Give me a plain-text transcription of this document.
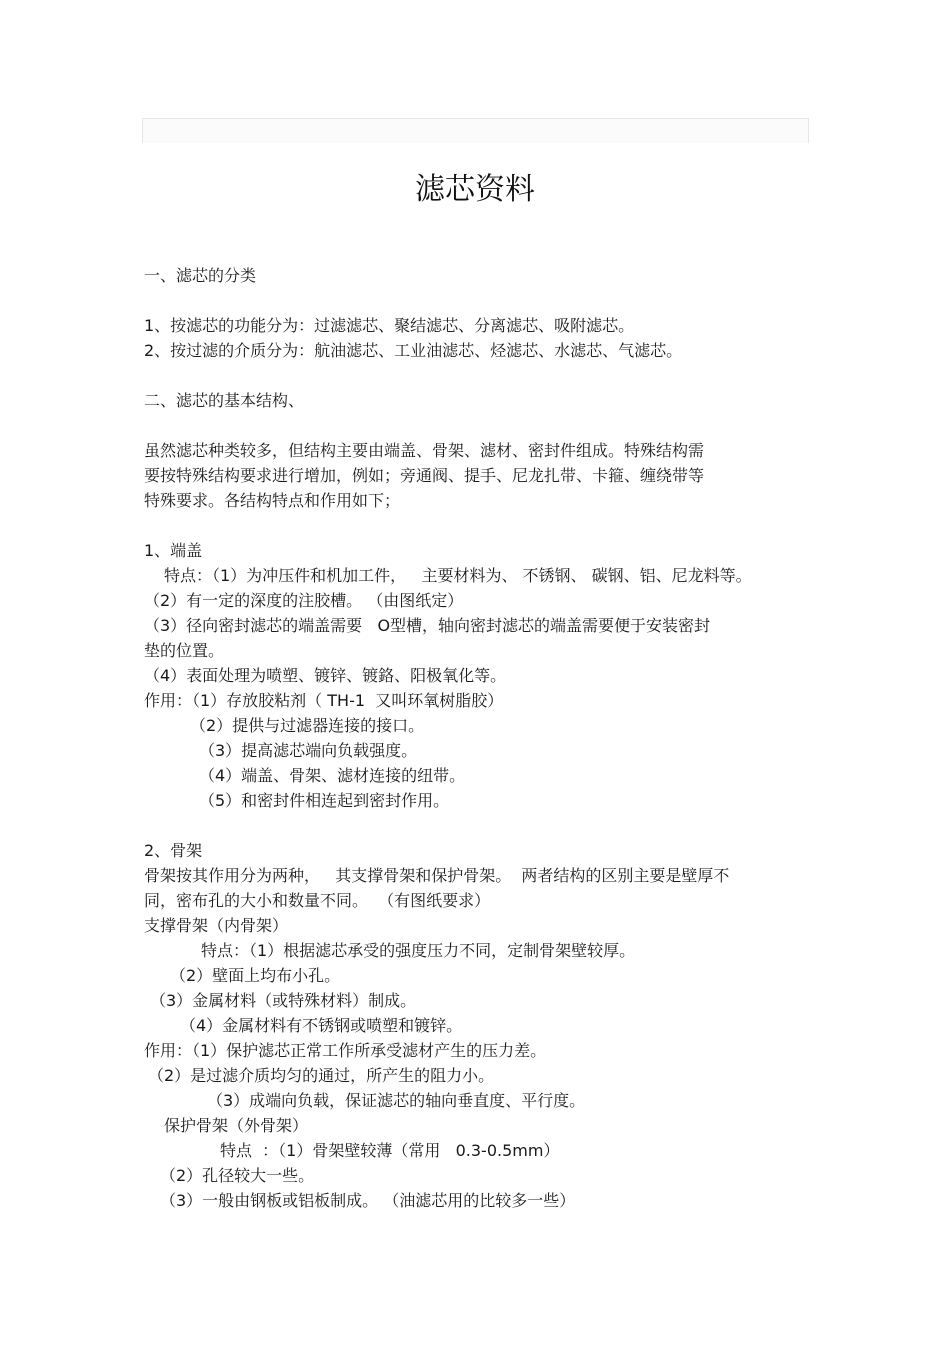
滤芯资料
一、滤芯的分类
1、按滤芯的功能分为：过滤滤芯、聚结滤芯、分离滤芯、吸附滤芯。
2、按过滤的介质分为：航油滤芯、工业油滤芯、烃滤芯、水滤芯、气滤芯。
二、滤芯的基本结构、
虽然滤芯种类较多，但结构主要由端盖、骨架、滤材、密封件组成。特殊结构需
要按特殊结构要求进行增加，例如；旁通阀、提手、尼龙扎带、卡箍、缠绕带等
特殊要求。各结构特点和作用如下；
1、端盖
特点：（1）为冲压件和机加工件，   主要材料为、 不锈钢、 碳钢、铝、尼龙料等。
（2）有一定的深度的注胶槽。 （由图纸定）
（3）径向密封滤芯的端盖需要   O型槽，轴向密封滤芯的端盖需要便于安装密封
垫的位置。
（4）表面处理为喷塑、镀锌、镀鉻、阳极氧化等。
作用：（1）存放胶粘剂（ TH-1  又叫环氧树脂胶）
（2）提供与过滤器连接的接口。
（3）提高滤芯端向负载强度。
（4）端盖、骨架、滤材连接的纽带。
（5）和密封件相连起到密封作用。
2、骨架
骨架按其作用分为两种，   其支撑骨架和保护骨架。  两者结构的区别主要是壁厚不
同，密布孔的大小和数量不同。  （有图纸要求）
支撑骨架（内骨架）
特点：（1）根据滤芯承受的强度压力不同，定制骨架壁较厚。
（2）壁面上均布小孔。
（3）金属材料（或特殊材料）制成。
（4）金属材料有不锈钢或喷塑和镀锌。
作用：（1）保护滤芯正常工作所承受滤材产生的压力差。
（2）是过滤介质均匀的通过，所产生的阻力小。
（3）成端向负载，保证滤芯的轴向垂直度、平行度。
保护骨架（外骨架）
特点  ：（1）骨架壁较薄（常用   0.3-0.5mm）
（2）孔径较大一些。
（3）一般由钢板或铝板制成。 （油滤芯用的比较多一些）
